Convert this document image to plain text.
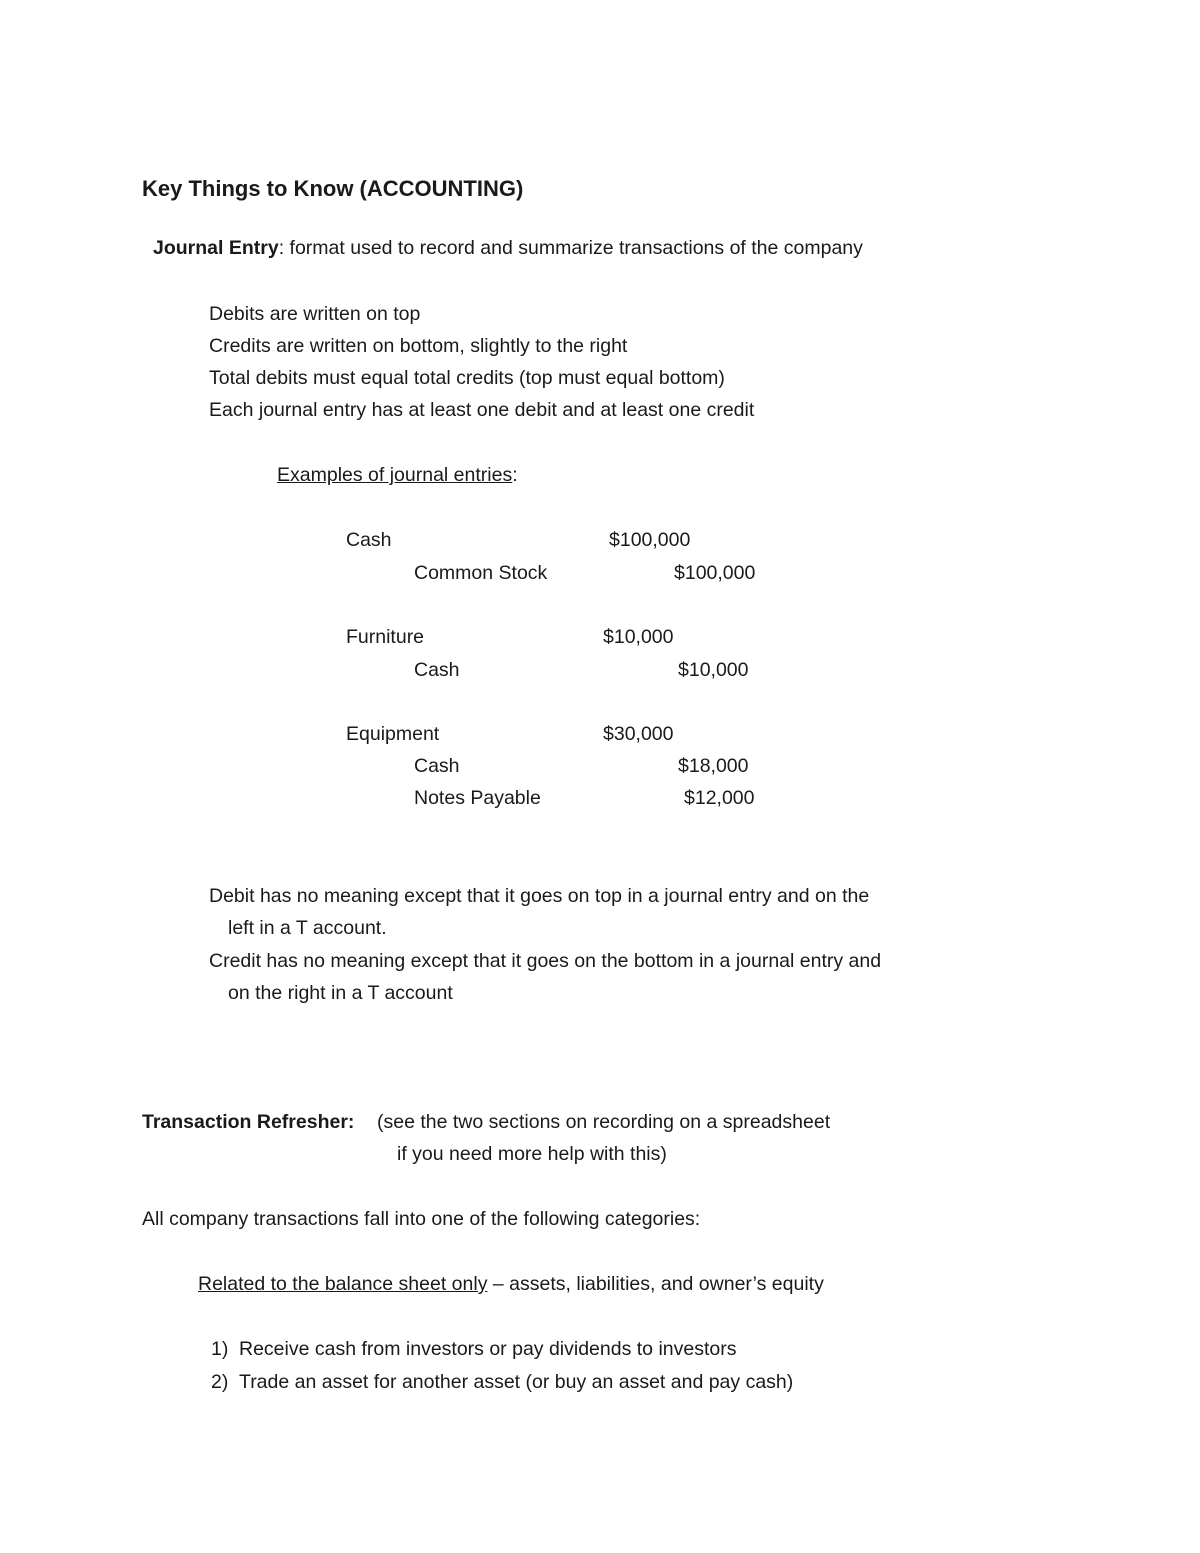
Key Things to Know (ACCOUNTING)
Journal Entry: format used to record and summarize transactions of the company
Debits are written on top
Credits are written on bottom, slightly to the right
Total debits must equal total credits (top must equal bottom)
Each journal entry has at least one debit and at least one credit
Examples of journal entries:
Cash	$100,000
Common Stock	$100,000
Furniture	$10,000
Cash	$10,000
Equipment	$30,000
Cash	$18,000
Notes Payable	$12,000
Debit has no meaning except that it goes on top in a journal entry and on the
left in a T account.
Credit has no meaning except that it goes on the bottom in a journal entry and
on the right in a T account
Transaction Refresher: (see the two sections on recording on a spreadsheet
if you need more help with this)
All company transactions fall into one of the following categories:
Related to the balance sheet only – assets, liabilities, and owner’s equity
1) Receive cash from investors or pay dividends to investors
2) Trade an asset for another asset (or buy an asset and pay cash)
